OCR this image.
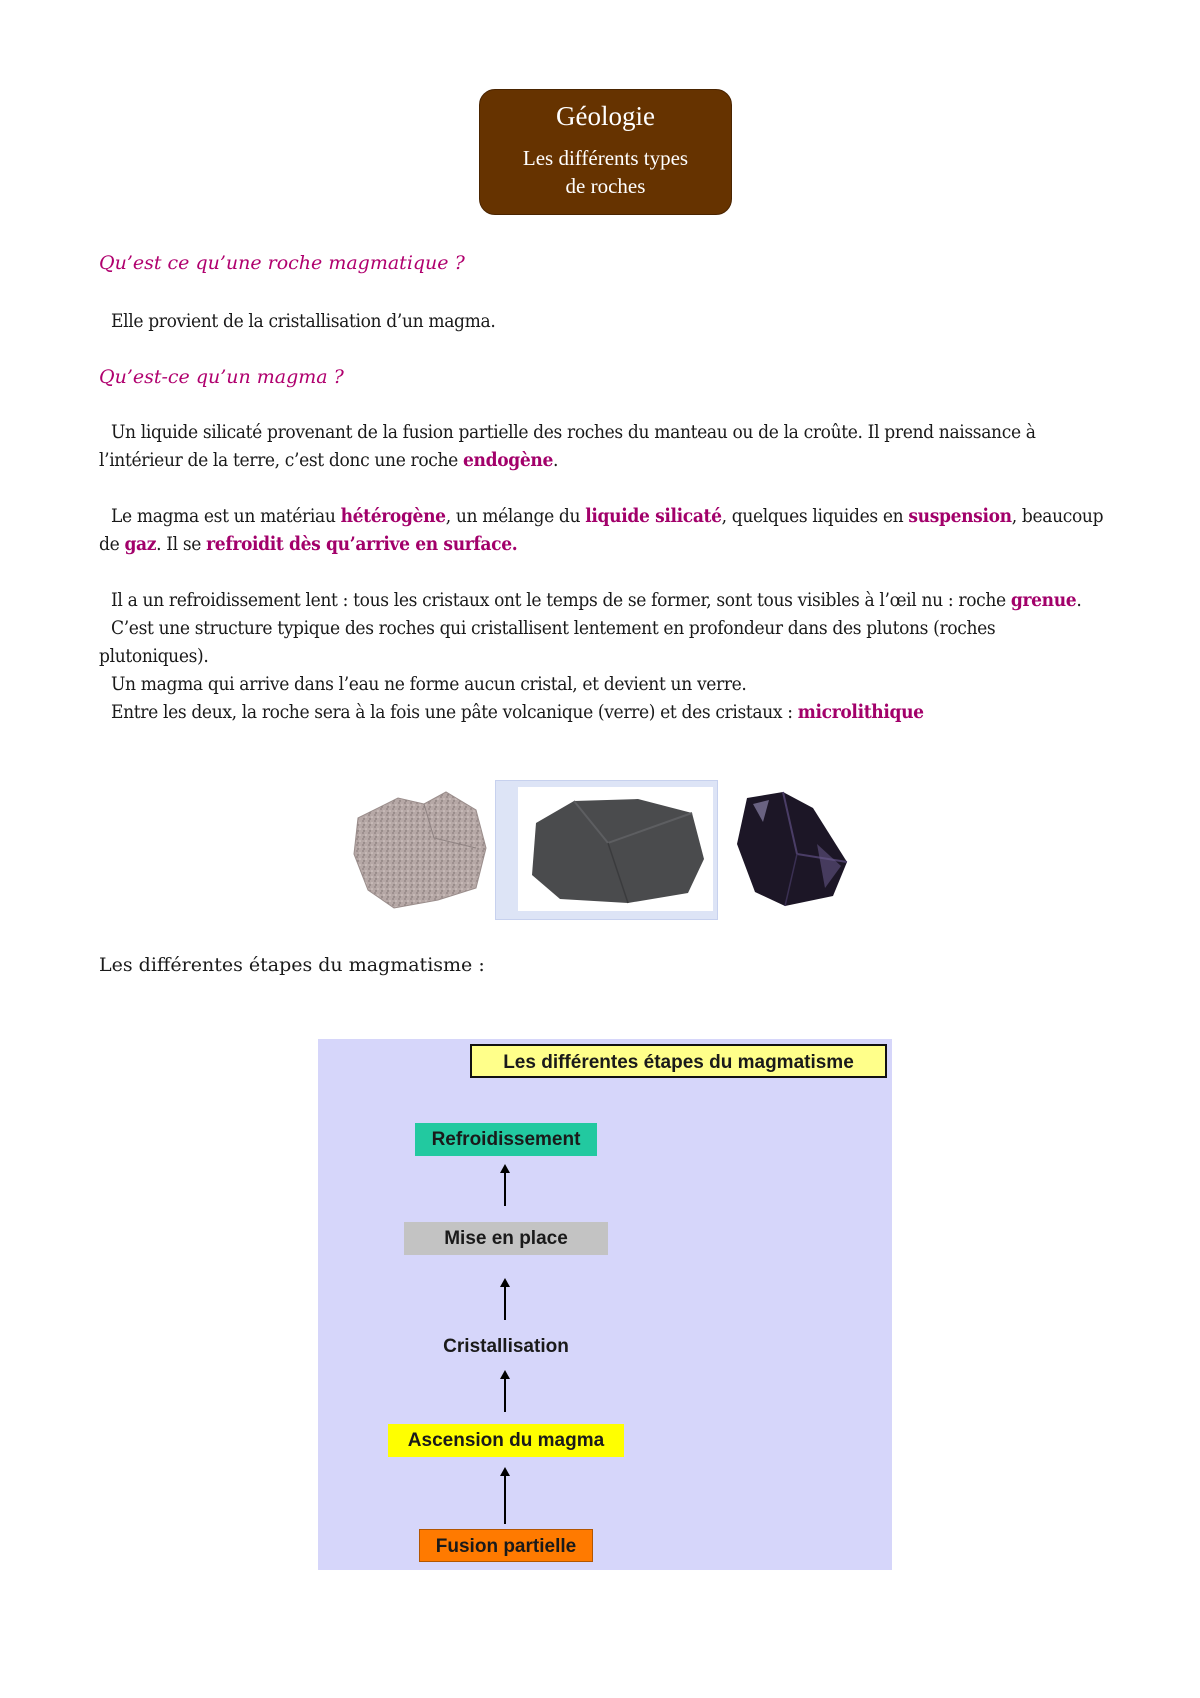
Géologie
Les différents types
de roches
Qu’est ce qu’une roche magmatique ?
Elle provient de la cristallisation d’un magma.
Qu’est-ce qu’un magma ?
Un liquide silicaté provenant de la fusion partielle des roches du manteau ou de la croûte. Il prend naissance à l’intérieur de la terre, c’est donc une roche endogène.
Le magma est un matériau hétérogène, un mélange du liquide silicaté, quelques liquides en suspension, beaucoup de gaz. Il se refroidit dès qu’arrive en surface.
Il a un refroidissement lent : tous les cristaux ont le temps de se former, sont tous visibles à l’œil nu : roche grenue.
C’est une structure typique des roches qui cristallisent lentement en profondeur dans des plutons (roches plutoniques).
Un magma qui arrive dans l’eau ne forme aucun cristal, et devient un verre.
Entre les deux, la roche sera à la fois une pâte volcanique (verre) et des cristaux : microlithique
Les différentes étapes du magmatisme :
Les différentes étapes du magmatisme
Refroidissement
Mise en place
Cristallisation
Ascension du magma
Fusion partielle
